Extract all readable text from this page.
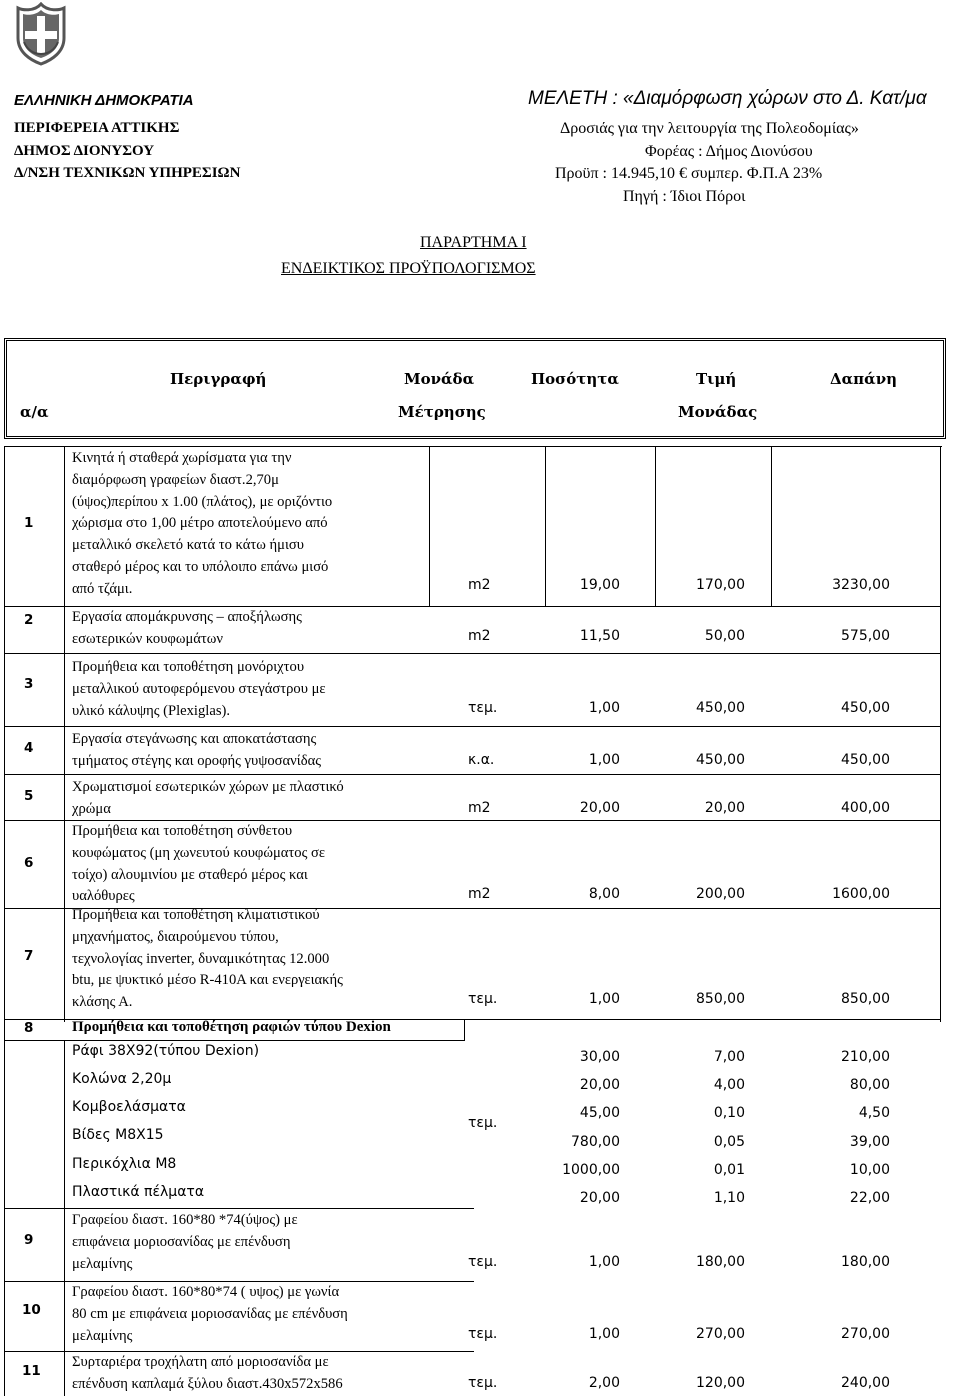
ΕΛΛΗΝΙΚΗ ΔΗΜΟΚΡΑΤΙΑ
ΠΕΡΙΦΕΡΕΙΑ ΑΤΤΙΚΗΣ
ΔΗΜΟΣ ΔΙΟΝΥΣΟΥ
Δ/ΝΣΗ ΤΕΧΝΙΚΩΝ ΥΠΗΡΕΣΙΩΝ
ΜΕΛΕΤΗ : «Διαμόρφωση χώρων στο Δ. Κατ/μα
Δροσιάς για την λειτουργία της Πολεοδομίας»
Φορέας : Δήμος Διονύσου
Προϋπ : 14.945,10 € συμπερ. Φ.Π.Α 23%
Πηγή : Ίδιοι Πόροι
ΠΑΡΑΡΤΗΜΑ Ι
ΕΝΔΕΙΚΤΙΚΟΣ ΠΡΟΫΠΟΛΟΓΙΣΜΟΣ
Περιγραφή	Μονάδα	Ποσότητα	Τιμή	Δαπάνη
α/α	Μέτρησης	Μονάδας
1
Κινητά ή σταθερά χωρίσματα για την
διαμόρφωση γραφείων διαστ.2,70μ
(ύψος)περίπου x 1.00 (πλάτος), με οριζόντιο
χώρισμα στο 1,00 μέτρο αποτελούμενο από
μεταλλικό σκελετό κατά το κάτω ήμισυ
σταθερό μέρος και το υπόλοιπο επάνω μισό
από τζάμι.	m2	19,00	170,00	3230,00
2	Εργασία απομάκρυνσης – αποξήλωσης
εσωτερικών κουφωμάτων	m2	11,50	50,00	575,00
3
Προμήθεια και τοποθέτηση μονόριχτου
μεταλλικού αυτοφερόμενου στεγάστρου με
υλικό κάλυψης (Plexiglas).	τεμ.	1,00	450,00	450,00
4
Εργασία στεγάνωσης και αποκατάστασης
τμήματος στέγης και οροφής γυψοσανίδας	κ.α.	1,00	450,00	450,00
5
Χρωματισμοί εσωτερικών χώρων με πλαστικό
χρώμα	m2	20,00	20,00	400,00
6
Προμήθεια και τοποθέτηση σύνθετου
κουφώματος (μη χωνευτού κουφώματος σε
τοίχο) αλουμινίου με σταθερό μέρος και
υαλόθυρες	m2	8,00	200,00	1600,00
7
Προμήθεια και τοποθέτηση κλιματιστικού
μηχανήματος, διαιρούμενου τύπου,
τεχνολογίας inverter, δυναμικότητας 12.000
btu, με ψυκτικό μέσο R-410A και ενεργειακής
κλάσης Α.	τεμ.	1,00	850,00	850,00
8	Προμήθεια και τοποθέτηση ραφιών τύπου Dexion
τεμ.
Ράφι 38Χ92(τύπου Dexion)	30,00	7,00	210,00
Κολώνα 2,20μ	20,00	4,00	80,00
Κομβοελάσματα	45,00	0,10	4,50
Βίδες Μ8Χ15	780,00	0,05	39,00
Περικόχλια Μ8	1000,00	0,01	10,00
Πλαστικά πέλματα	20,00	1,10	22,00
9
Γραφείου διαστ. 160*80 *74(ύψος) με
επιφάνεια μοριοσανίδας με επένδυση
μελαμίνης	τεμ.	1,00	180,00	180,00
10
Γραφείου διαστ. 160*80*74 ( υψος) με γωνία
80 cm με επιφάνεια μοριοσανίδας με επένδυση
μελαμίνης	τεμ.	1,00	270,00	270,00
11
Συρταριέρα τροχήλατη από μοριοσανίδα με
επένδυση καπλαμά ξύλου διαστ.430x572x586	τεμ.	2,00	120,00	240,00
